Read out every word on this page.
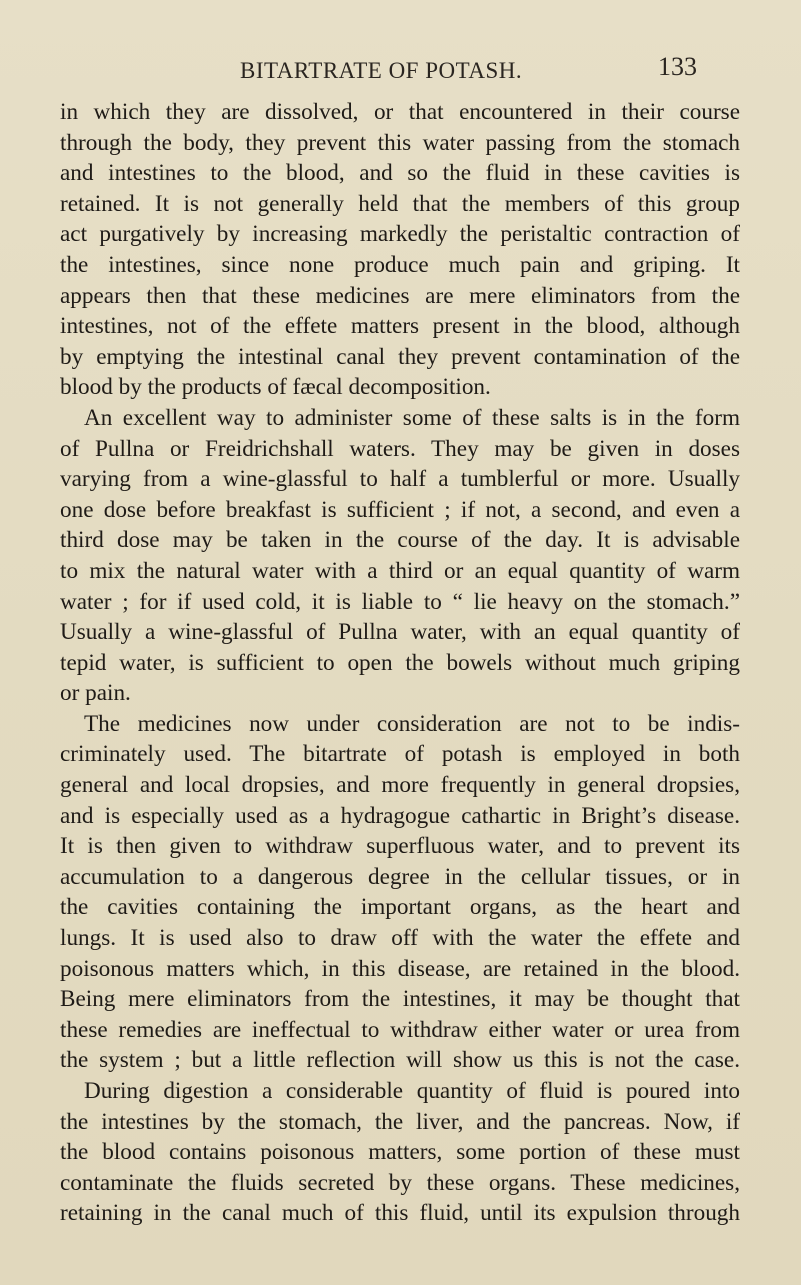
BITARTRATE OF POTASH.	133
in which they are dissolved, or that encountered in their course
through the body, they prevent this water passing from the stomach
and intestines to the blood, and so the fluid in these cavities is
retained. It is not generally held that the members of this group
act purgatively by increasing markedly the peristaltic contraction of
the intestines, since none produce much pain and griping. It
appears then that these medicines are mere eliminators from the
intestines, not of the effete matters present in the blood, although
by emptying the intestinal canal they prevent contamination of the
blood by the products of fæcal decomposition.
An excellent way to administer some of these salts is in the form
of Pullna or Freidrichshall waters. They may be given in doses
varying from a wine-glassful to half a tumblerful or more. Usually
one dose before breakfast is sufficient ; if not, a second, and even a
third dose may be taken in the course of the day. It is advisable
to mix the natural water with a third or an equal quantity of warm
water ; for if used cold, it is liable to “ lie heavy on the stomach.”
Usually a wine-glassful of Pullna water, with an equal quantity of
tepid water, is sufficient to open the bowels without much griping
or pain.
The medicines now under consideration are not to be indis-
criminately used. The bitartrate of potash is employed in both
general and local dropsies, and more frequently in general dropsies,
and is especially used as a hydragogue cathartic in Bright’s disease.
It is then given to withdraw superfluous water, and to prevent its
accumulation to a dangerous degree in the cellular tissues, or in
the cavities containing the important organs, as the heart and
lungs. It is used also to draw off with the water the effete and
poisonous matters which, in this disease, are retained in the blood.
Being mere eliminators from the intestines, it may be thought that
these remedies are ineffectual to withdraw either water or urea from
the system ; but a little reflection will show us this is not the case.
During digestion a considerable quantity of fluid is poured into
the intestines by the stomach, the liver, and the pancreas. Now, if
the blood contains poisonous matters, some portion of these must
contaminate the fluids secreted by these organs. These medicines,
retaining in the canal much of this fluid, until its expulsion through
